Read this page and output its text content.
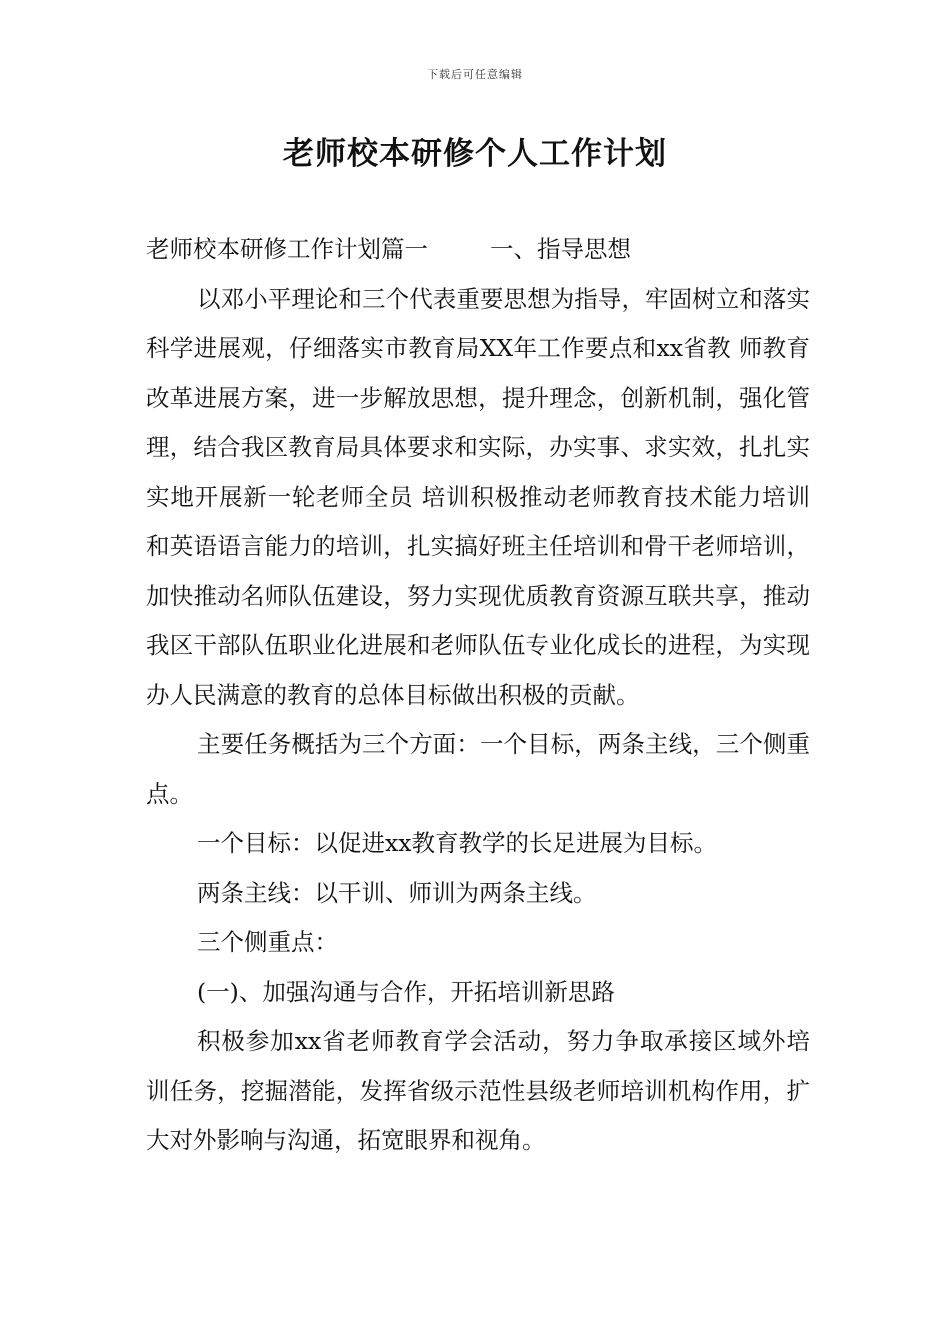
下载后可任意编辑
老师校本研修个人工作计划

老师校本研修工作计划篇一	一、指导思想

以邓小平理论和三个代表重要思想为指导，牢固树立和落实科学进展观，仔细落实市教育局XX年工作要点和xx省教 师教育改革进展方案，进一步解放思想，提升理念，创新机制，强化管理，结合我区教育局具体要求和实际，办实事、求实效，扎扎实实地开展新一轮老师全员 培训积极推动老师教育技术能力培训和英语语言能力的培训，扎实搞好班主任培训和骨干老师培训，加快推动名师队伍建设，努力实现优质教育资源互联共享，推动 我区干部队伍职业化进展和老师队伍专业化成长的进程，为实现办人民满意的教育的总体目标做出积极的贡献。

主要任务概括为三个方面：一个目标，两条主线，三个侧重点。

一个目标：以促进xx教育教学的长足进展为目标。

两条主线：以干训、师训为两条主线。

三个侧重点：

(一)、加强沟通与合作，开拓培训新思路

积极参加xx省老师教育学会活动，努力争取承接区域外培训任务，挖掘潜能，发挥省级示范性县级老师培训机构作用，扩大对外影响与沟通，拓宽眼界和视角。
